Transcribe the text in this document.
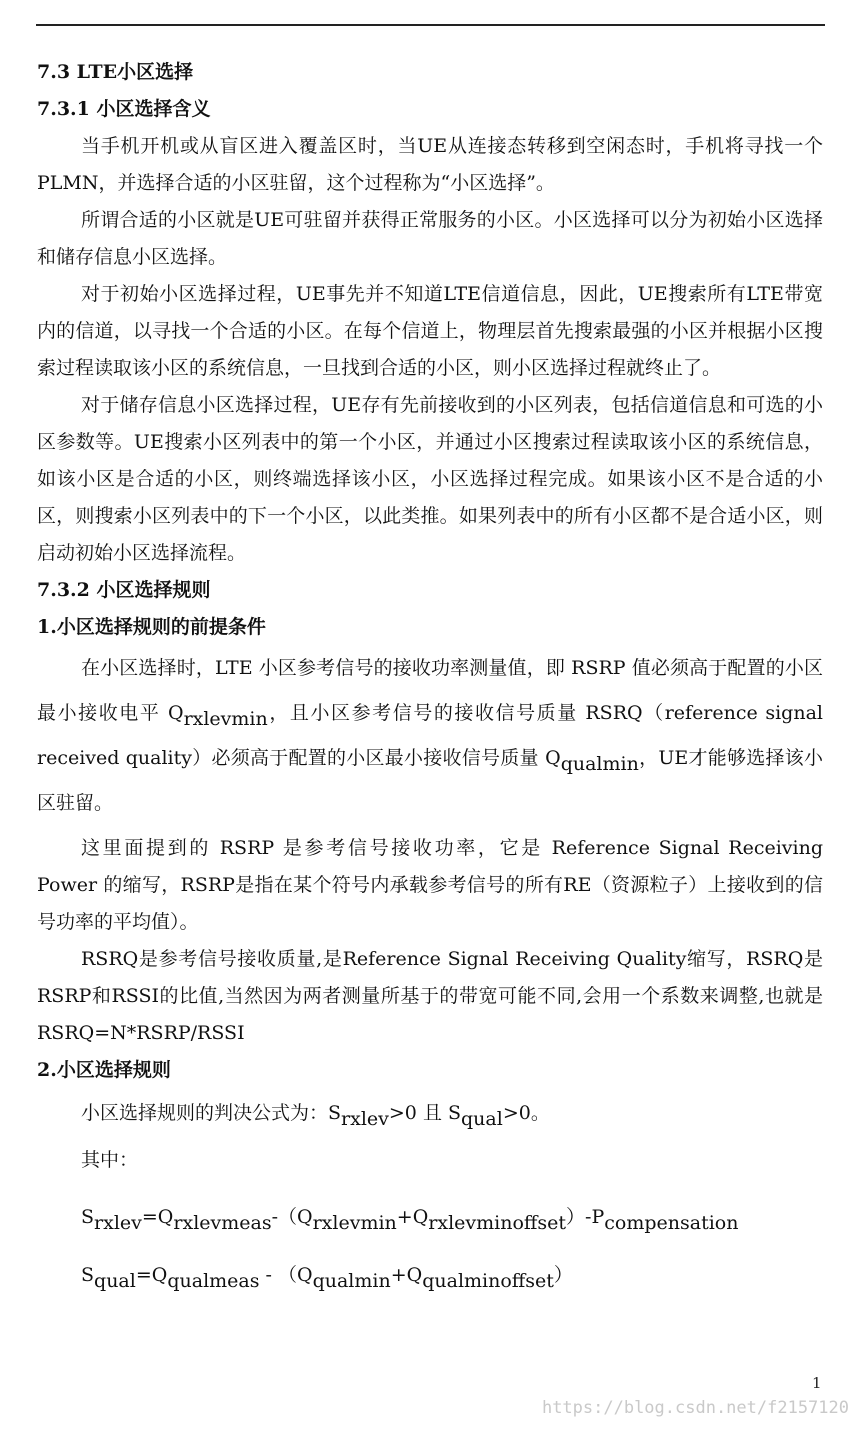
7.3 LTE小区选择

7.3.1 小区选择含义

当手机开机或从盲区进入覆盖区时，当UE从连接态转移到空闲态时，手机将寻找一个PLMN，并选择合适的小区驻留，这个过程称为“小区选择”。

所谓合适的小区就是UE可驻留并获得正常服务的小区。小区选择可以分为初始小区选择和储存信息小区选择。

对于初始小区选择过程，UE事先并不知道LTE信道信息，因此，UE搜索所有LTE带宽内的信道，以寻找一个合适的小区。在每个信道上，物理层首先搜索最强的小区并根据小区搜索过程读取该小区的系统信息，一旦找到合适的小区，则小区选择过程就终止了。

对于储存信息小区选择过程，UE存有先前接收到的小区列表，包括信道信息和可选的小区参数等。UE搜索小区列表中的第一个小区，并通过小区搜索过程读取该小区的系统信息，如该小区是合适的小区，则终端选择该小区，小区选择过程完成。如果该小区不是合适的小区，则搜索小区列表中的下一个小区，以此类推。如果列表中的所有小区都不是合适小区，则启动初始小区选择流程。

7.3.2 小区选择规则

1.小区选择规则的前提条件

在小区选择时，LTE 小区参考信号的接收功率测量值，即 RSRP 值必须高于配置的小区最小接收电平 $Q_{rxlevmin}$，且小区参考信号的接收信号质量 RSRQ（reference signal received quality）必须高于配置的小区最小接收信号质量 $Q_{qualmin}$，UE才能够选择该小区驻留。

这里面提到的 RSRP 是参考信号接收功率，它是 Reference Signal Receiving Power 的缩写，RSRP是指在某个符号内承载参考信号的所有RE（资源粒子）上接收到的信号功率的平均值）。

RSRQ是参考信号接收质量,是Reference Signal Receiving Quality缩写，RSRQ是RSRP和RSSI的比值,当然因为两者测量所基于的带宽可能不同,会用一个系数来调整,也就是RSRQ=N*RSRP/RSSI

2.小区选择规则

小区选择规则的判决公式为：$S_{rxlev}>0$ 且 $S_{qual}>0$。

其中：

$S_{rxlev}=Q_{rxlevmeas}-(Q_{rxlevmin}+Q_{rxlevminoffset})-P_{compensation}$

$S_{qual}=Q_{qualmeas} - (Q_{qualmin}+Q_{qualminoffset})$

1
https://blog.csdn.net/f2157120
